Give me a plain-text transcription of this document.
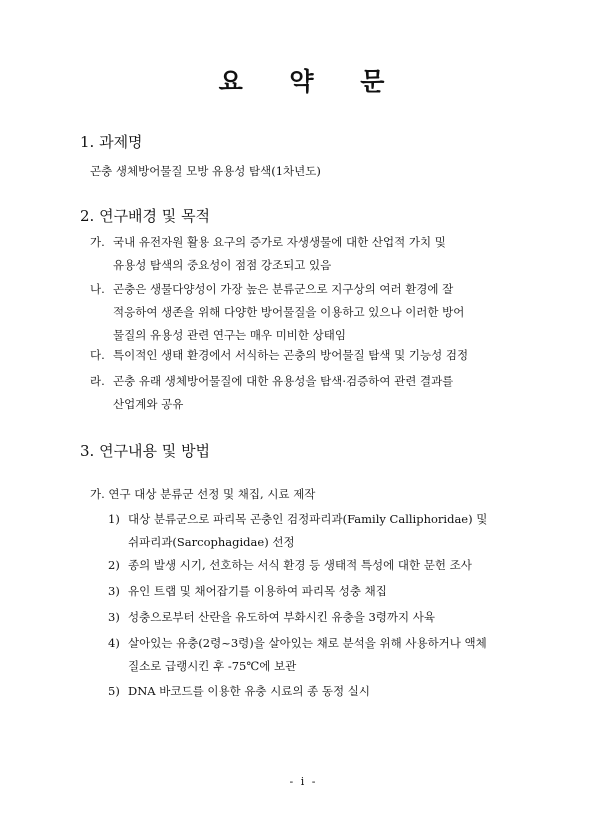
요 약 문
1. 과제명
곤충 생체방어물질 모방 유용성 탐색(1차년도)
2. 연구배경 및 목적
가. 국내 유전자원 활용 요구의 증가로 자생생물에 대한 산업적 가치 및
유용성 탐색의 중요성이 점점 강조되고 있음
나. 곤충은 생물다양성이 가장 높은 분류군으로 지구상의 여러 환경에 잘
적응하여 생존을 위해 다양한 방어물질을 이용하고 있으나 이러한 방어
물질의 유용성 관련 연구는 매우 미비한 상태임
다. 특이적인 생태 환경에서 서식하는 곤충의 방어물질 탐색 및 기능성 검정
라. 곤충 유래 생체방어물질에 대한 유용성을 탐색·검증하여 관련 결과를
산업계와 공유
3. 연구내용 및 방법
가. 연구 대상 분류군 선정 및 채집, 시료 제작
1) 대상 분류군으로 파리목 곤충인 검정파리과(Family Calliphoridae) 및
쉬파리과(Sarcophagidae) 선정
2) 종의 발생 시기, 선호하는 서식 환경 등 생태적 특성에 대한 문헌 조사
3) 유인 트랩 및 채어잡기를 이용하여 파리목 성충 채집
3) 성충으로부터 산란을 유도하여 부화시킨 유충을 3령까지 사육
4) 살아있는 유충(2령~3령)을 살아있는 채로 분석을 위해 사용하거나 액체
질소로 급랭시킨 후 -75℃에 보관
5) DNA 바코드를 이용한 유충 시료의 종 동정 실시
- i -
